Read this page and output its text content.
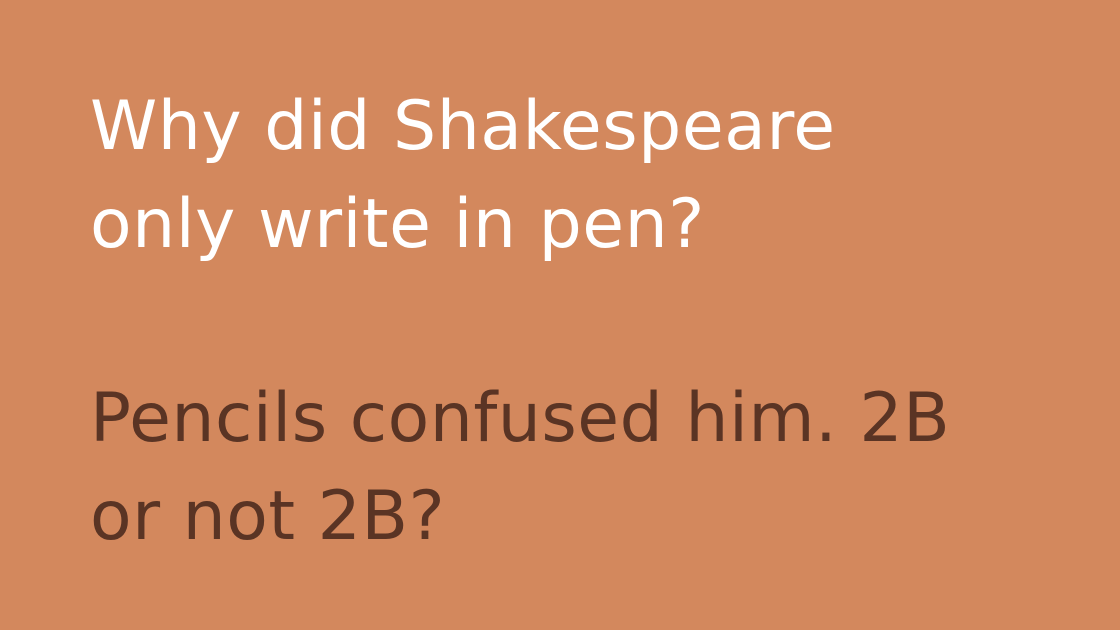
Why did Shakespeare
only write in pen?
Pencils confused him. 2B
or not 2B?
